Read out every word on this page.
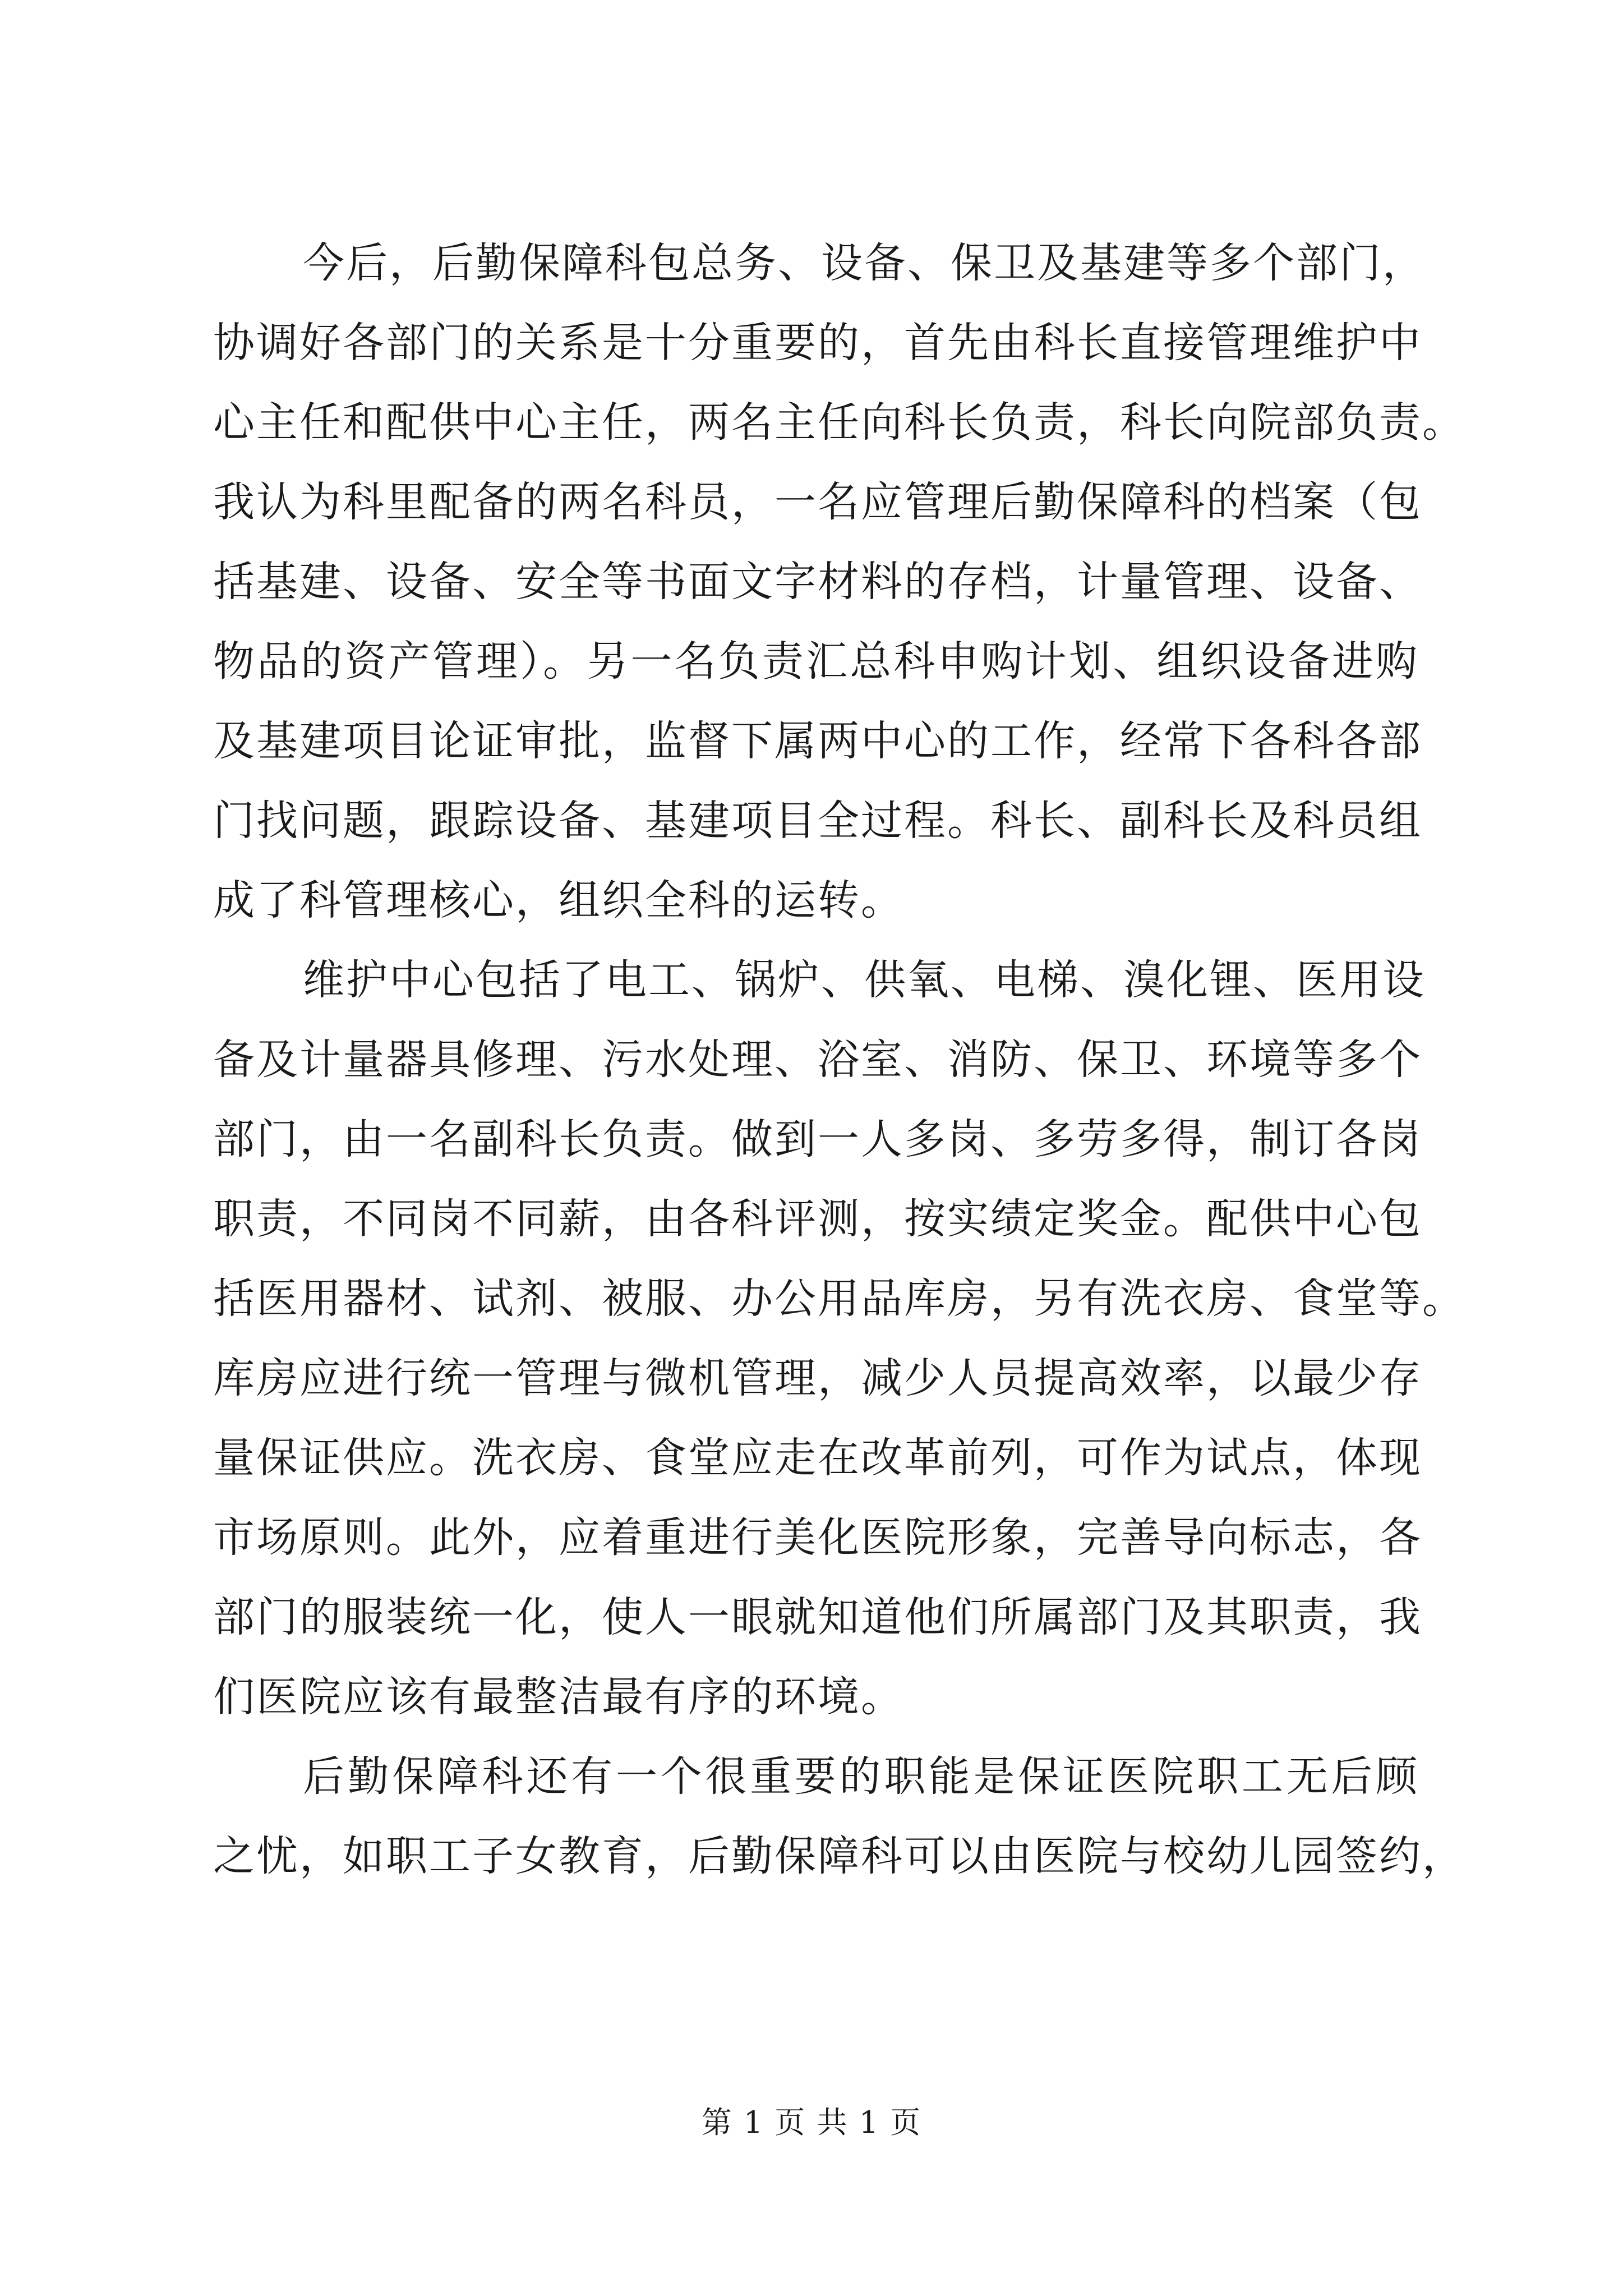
今后，后勤保障科包总务、设备、保卫及基建等多个部门，
协调好各部门的关系是十分重要的，首先由科长直接管理维护中
心主任和配供中心主任，两名主任向科长负责，科长向院部负责。
我认为科里配备的两名科员，一名应管理后勤保障科的档案（包
括基建、设备、安全等书面文字材料的存档，计量管理、设备、
物品的资产管理）。另一名负责汇总科申购计划、组织设备进购
及基建项目论证审批，监督下属两中心的工作，经常下各科各部
门找问题，跟踪设备、基建项目全过程。科长、副科长及科员组
成了科管理核心，组织全科的运转。
维护中心包括了电工、锅炉、供氧、电梯、溴化锂、医用设
备及计量器具修理、污水处理、浴室、消防、保卫、环境等多个
部门，由一名副科长负责。做到一人多岗、多劳多得，制订各岗
职责，不同岗不同薪，由各科评测，按实绩定奖金。配供中心包
括医用器材、试剂、被服、办公用品库房，另有洗衣房、食堂等。
库房应进行统一管理与微机管理，减少人员提高效率，以最少存
量保证供应。洗衣房、食堂应走在改革前列，可作为试点，体现
市场原则。此外，应着重进行美化医院形象，完善导向标志，各
部门的服装统一化，使人一眼就知道他们所属部门及其职责，我
们医院应该有最整洁最有序的环境。
后勤保障科还有一个很重要的职能是保证医院职工无后顾
之忧，如职工子女教育，后勤保障科可以由医院与校幼儿园签约，
第 1 页 共 1 页
